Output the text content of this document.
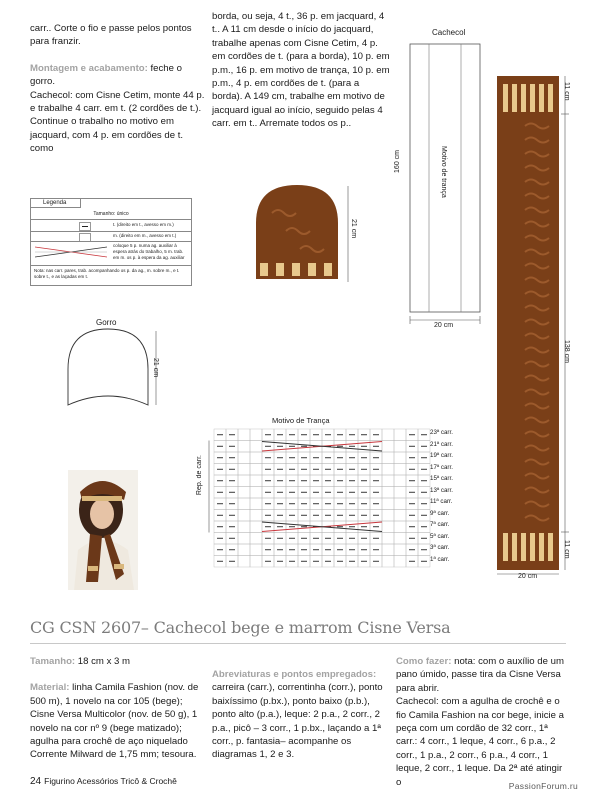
carr.. Corte o fio e passe pelos pontos para franzir.

Montagem e acabamento: feche o gorro.

Cachecol: com Cisne Cetim, monte 44 p. e trabalhe 4 carr. em t. (2 cordões de t.). Continue o trabalho no motivo em jacquard, com 4 p. em cordões de t. como

borda, ou seja, 4 t., 36 p. em jacquard, 4 t.. A 11 cm desde o início do jacquard, trabalhe apenas com Cisne Cetim, 4 p. em cordões de t. (para a borda), 10 p. em p.m., 16 p. em motivo de trança, 10 p. em p.m., 4 p. em cordões de t. (para a borda). A 149 cm, trabalhe em motivo de jacquard igual ao início, seguido pelas 4 carr. em t.. Arremate todos os p..

Legenda
Tamanho: único
t. (direito em t., avesso em m.)
m. (direito em m., avesso em t.)
coloque 5 p. numa ag. auxiliar à espera atrás do trabalho, 5 m. trab. em m. os p. à espera da ag. auxiliar
Nota: nas carr. pares, trab. acompanhando os p. da ag., m. sobre m., e t. sobre t., e as laçadas em t.
Cachecol
Motivo de trança
160 cm
20 cm
21 cm
Gorro
21 cm
Motivo de Trança
23ª carr.
21ª carr.
19ª carr.
17ª carr.
15ª carr.
13ª carr.
11ª carr.
9ª carr.
7ª carr.
5ª carr.
3ª carr.
1ª carr.
Rep. de carr.
11 cm
138 cm
11 cm
20 cm
CG CSN 2607– Cachecol bege e marrom Cisne Versa

Tamanho: 18 cm x 3 m

Material: linha Camila Fashion (nov. de 500 m), 1 novelo na cor 105 (bege); Cisne Versa Multicolor (nov. de 50 g), 1 novelo na cor nº 9 (bege matizado); agulha para crochê de aço niquelado Corrente Milward de 1,75 mm; tesoura.

Abreviaturas e pontos empregados: carreira (carr.), correntinha (corr.), ponto baixíssimo (p.bx.), ponto baixo (p.b.), ponto alto (p.a.), leque: 2 p.a., 2 corr., 2 p.a., picô – 3 corr., 1 p.bx., laçando a 1ª corr., p. fantasia– acompanhe os diagramas 1, 2 e 3.

Como fazer: nota: com o auxílio de um pano úmido, passe tira da Cisne Versa para abrir.

Cachecol: com a agulha de crochê e o fio Camila Fashion na cor bege, inicie a peça com um cordão de 32 corr., 1ª carr.: 4 corr., 1 leque, 4 corr., 6 p.a., 2 corr., 1 p.a., 2 corr., 6 p.a., 4 corr., 1 leque, 2 corr., 1 leque. Da 2ª até atingir o

24 Figurino Acessórios Tricô & Crochê	PassionForum.ru
